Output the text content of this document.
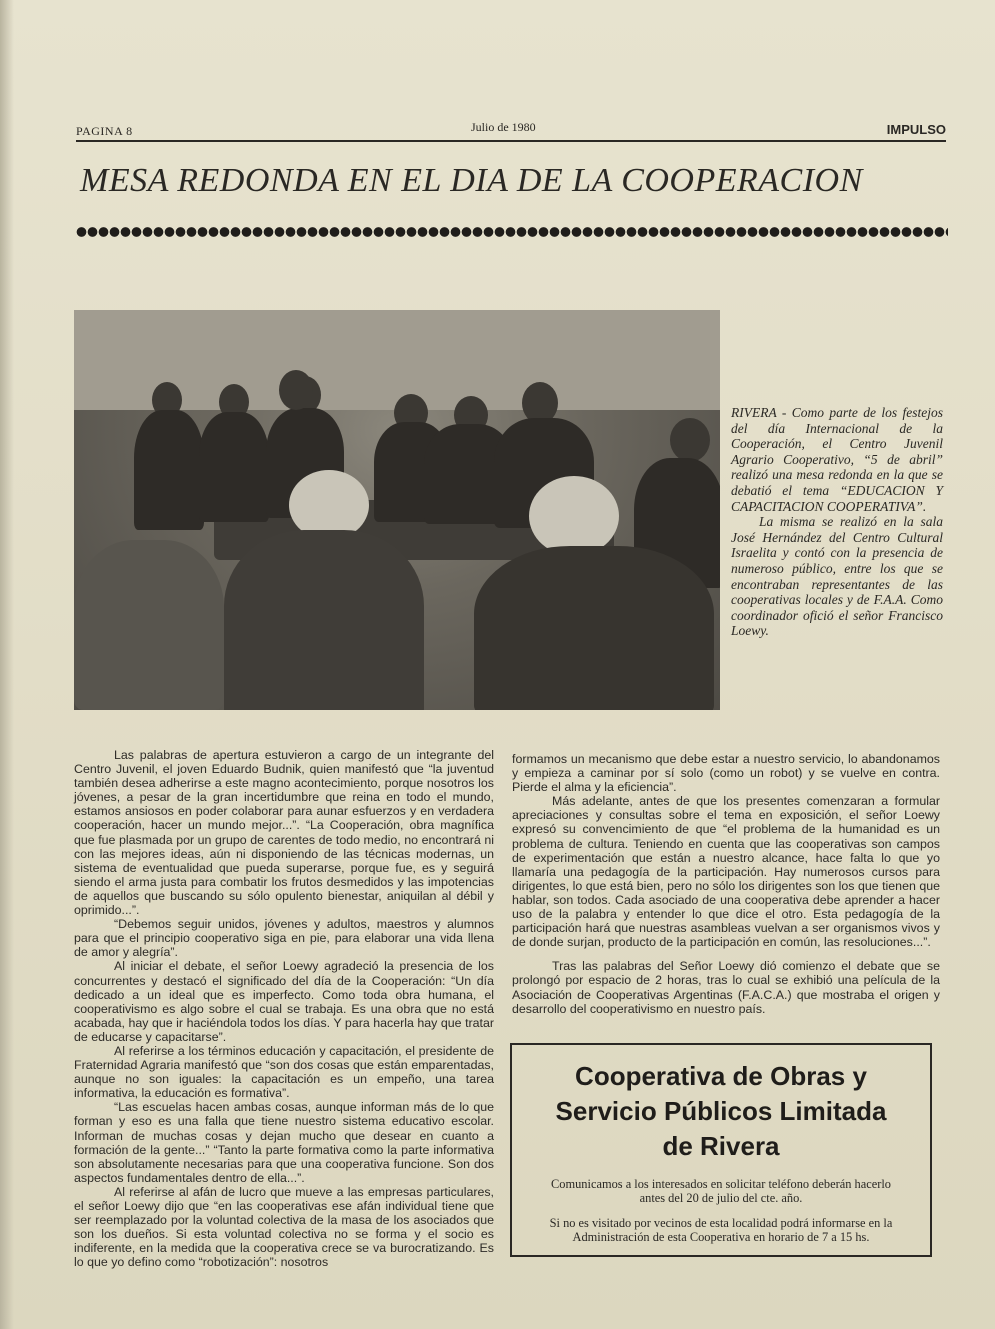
PAGINA 8	Julio de 1980	IMPULSO
MESA REDONDA EN EL DIA DE LA COOPERACION

RIVERA - Como parte de los festejos del día Internacional de la Cooperación, el Centro Juvenil Agrario Cooperativo, “5 de abril” realizó una mesa redonda en la que se debatió el tema “EDUCACION Y CAPACITACION COOPERATIVA”.

La misma se realizó en la sala José Hernández del Centro Cultural Israelita y contó con la presencia de numeroso público, entre los que se encontraban representantes de las cooperativas locales y de F.A.A. Como coordinador ofició el señor Francisco Loewy.

Las palabras de apertura estuvieron a cargo de un integrante del Centro Juvenil, el joven Eduardo Budnik, quien manifestó que “la juventud también desea adherirse a este magno acontecimiento, porque nosotros los jóvenes, a pesar de la gran incertidumbre que reina en todo el mundo, estamos ansiosos en poder colaborar para aunar esfuerzos y en verdadera cooperación, hacer un mundo mejor...”. “La Cooperación, obra magnífica que fue plasmada por un grupo de carentes de todo medio, no encontrará ni con las mejores ideas, aún ni disponiendo de las técnicas modernas, un sistema de eventualidad que pueda superarse, porque fue, es y seguirá siendo el arma justa para combatir los frutos desmedidos y las impotencias de aquellos que buscando su sólo opulento bienestar, aniquilan al débil y oprimido...”.

“Debemos seguir unidos, jóvenes y adultos, maestros y alumnos para que el principio cooperativo siga en pie, para elaborar una vida llena de amor y alegría”.

Al iniciar el debate, el señor Loewy agradeció la presencia de los concurrentes y destacó el significado del día de la Cooperación: “Un día dedicado a un ideal que es imperfecto. Como toda obra humana, el cooperativismo es algo sobre el cual se trabaja. Es una obra que no está acabada, hay que ir haciéndola todos los días. Y para hacerla hay que tratar de educarse y capacitarse”.

Al referirse a los términos educación y capacitación, el presidente de Fraternidad Agraria manifestó que “son dos cosas que están emparentadas, aunque no son iguales: la capacitación es un empeño, una tarea informativa, la educación es formativa”.

“Las escuelas hacen ambas cosas, aunque informan más de lo que forman y eso es una falla que tiene nuestro sistema educativo escolar. Informan de muchas cosas y dejan mucho que desear en cuanto a formación de la gente...” “Tanto la parte formativa como la parte informativa son absolutamente necesarias para que una cooperativa funcione. Son dos aspectos fundamentales dentro de ella...”.

Al referirse al afán de lucro que mueve a las empresas particulares, el señor Loewy dijo que “en las cooperativas ese afán individual tiene que ser reemplazado por la voluntad colectiva de la masa de los asociados que son los dueños. Si esta voluntad colectiva no se forma y el socio es indiferente, en la medida que la cooperativa crece se va burocratizando. Es lo que yo defino como “robotización”: nosotros

formamos un mecanismo que debe estar a nuestro servicio, lo abandonamos y empieza a caminar por sí solo (como un robot) y se vuelve en contra. Pierde el alma y la eficiencia”.

Más adelante, antes de que los presentes comenzaran a formular apreciaciones y consultas sobre el tema en exposición, el señor Loewy expresó su convencimiento de que “el problema de la humanidad es un problema de cultura. Teniendo en cuenta que las cooperativas son campos de experimentación que están a nuestro alcance, hace falta lo que yo llamaría una pedagogía de la participación. Hay numerosos cursos para dirigentes, lo que está bien, pero no sólo los dirigentes son los que tienen que hablar, son todos. Cada asociado de una cooperativa debe aprender a hacer uso de la palabra y entender lo que dice el otro. Esta pedagogía de la participación hará que nuestras asambleas vuelvan a ser organismos vivos y de donde surjan, producto de la participación en común, las resoluciones...”.

Tras las palabras del Señor Loewy dió comienzo el debate que se prolongó por espacio de 2 horas, tras lo cual se exhibió una película de la Asociación de Cooperativas Argentinas (F.A.C.A.) que mostraba el origen y desarrollo del cooperativismo en nuestro país.

Cooperativa de Obras y
Servicio Públicos Limitada
de Rivera
Comunicamos a los interesados en solicitar teléfono deberán hacerlo antes del 20 de julio del cte. año.
Si no es visitado por vecinos de esta localidad podrá informarse en la Administración de esta Cooperativa en horario de 7 a 15 hs.
